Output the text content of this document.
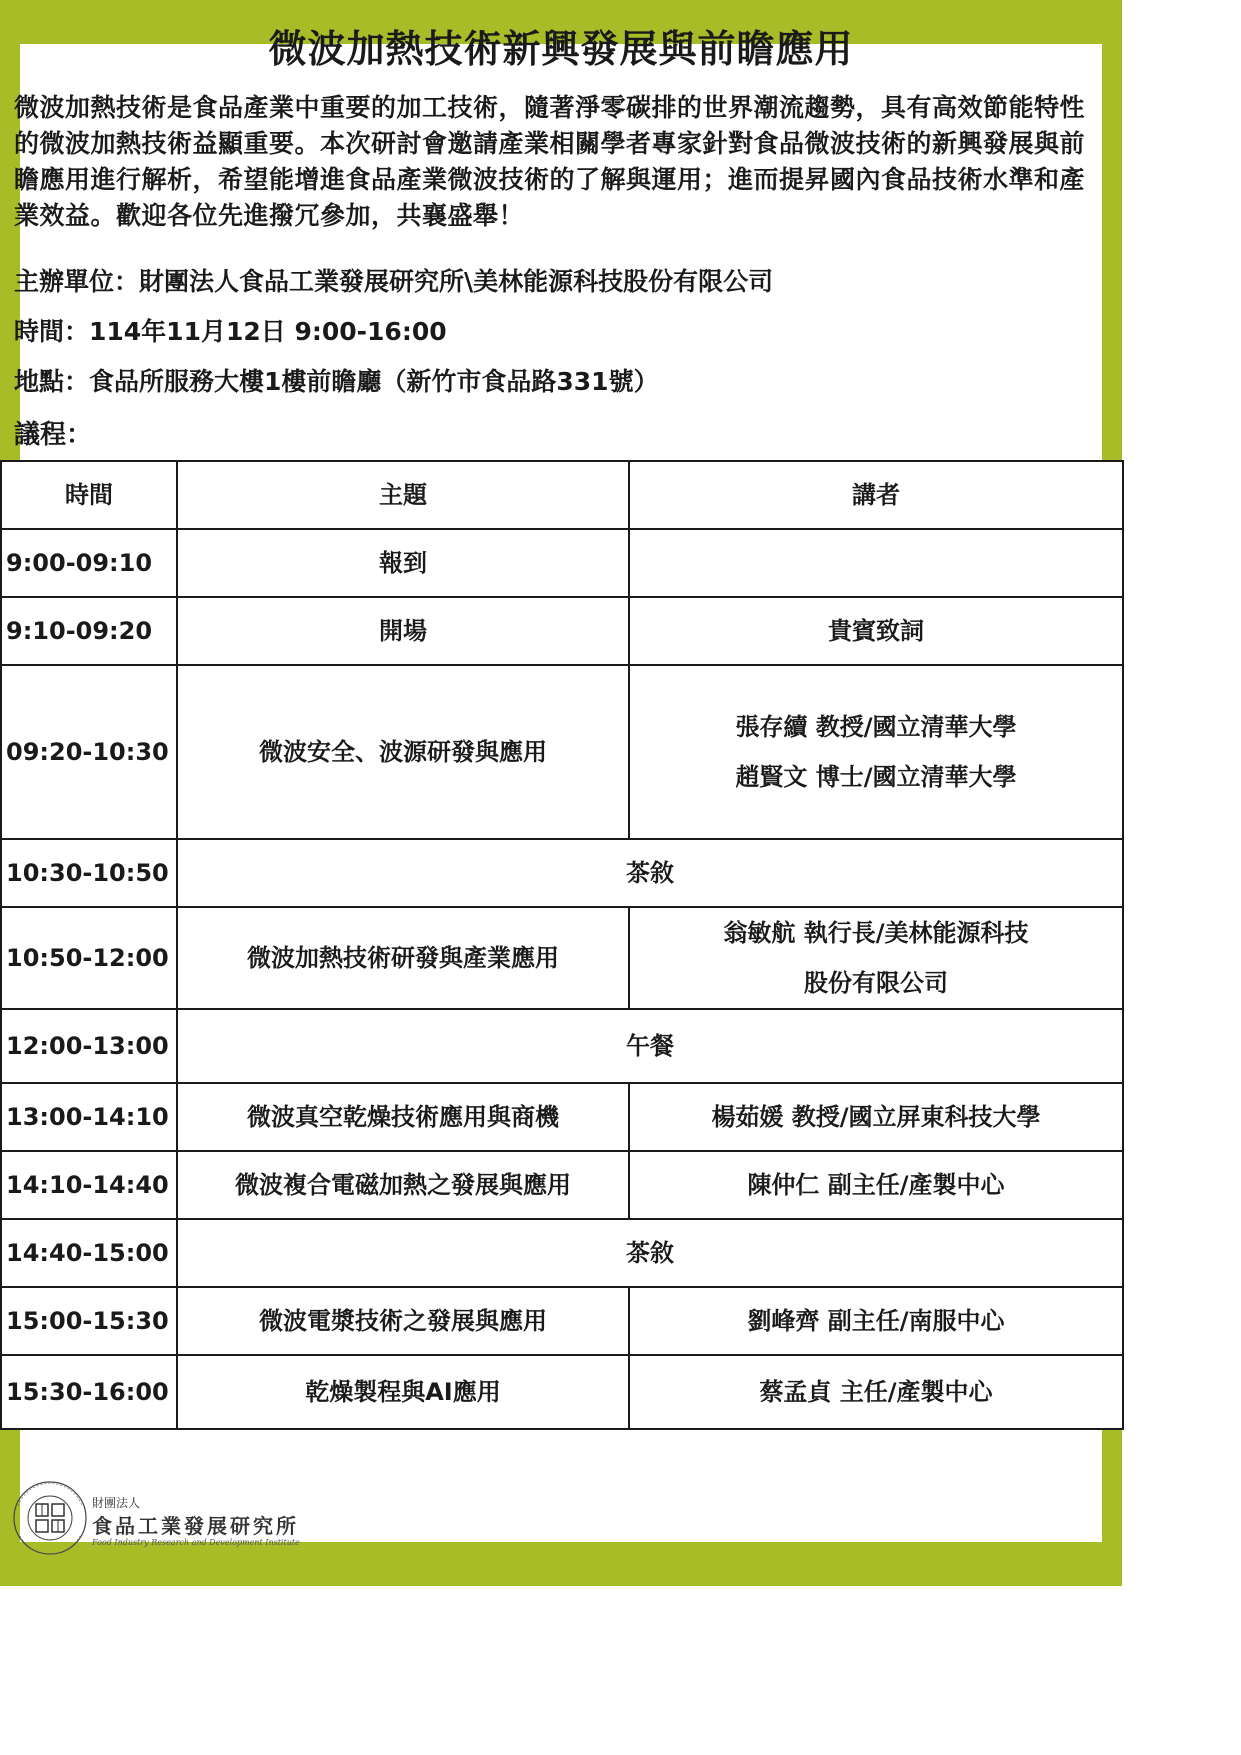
微波加熱技術新興發展與前瞻應用

微波加熱技術是食品產業中重要的加工技術，隨著淨零碳排的世界潮流趨勢，具有高效節能特性的微波加熱技術益顯重要。本次研討會邀請產業相關學者專家針對食品微波技術的新興發展與前瞻應用進行解析，希望能增進食品產業微波技術的了解與運用；進而提昇國內食品技術水準和產業效益。歡迎各位先進撥冗參加，共襄盛舉！

主辦單位：財團法人食品工業發展研究所\美林能源科技股份有限公司

時間：114年11月12日 9:00-16:00

地點：食品所服務大樓1樓前瞻廳（新竹市食品路331號）

議程：

時間	主題	講者
9:00-09:10	報到	
9:10-09:20	開場	貴賓致詞
09:20-10:30	微波安全、波源研發與應用	張存續 教授/國立清華大學
趙賢文 博士/國立清華大學

10:30-10:50	茶敘	
10:50-12:00	微波加熱技術研發與產業應用	翁敏航 執行長/美林能源科技
股份有限公司

12:00-13:00	午餐	
13:00-14:10	微波真空乾燥技術應用與商機	楊茹媛 教授/國立屏東科技大學
14:10-14:40	微波複合電磁加熱之發展與應用	陳仲仁 副主任/產製中心
14:40-15:00	茶敘	
15:00-15:30	微波電漿技術之發展與應用	劉峰齊 副主任/南服中心
15:30-16:00	乾燥製程與AI應用	蔡孟貞 主任/產製中心
財團法人
食品工業發展研究所
Food Industry Research and Development Institute
